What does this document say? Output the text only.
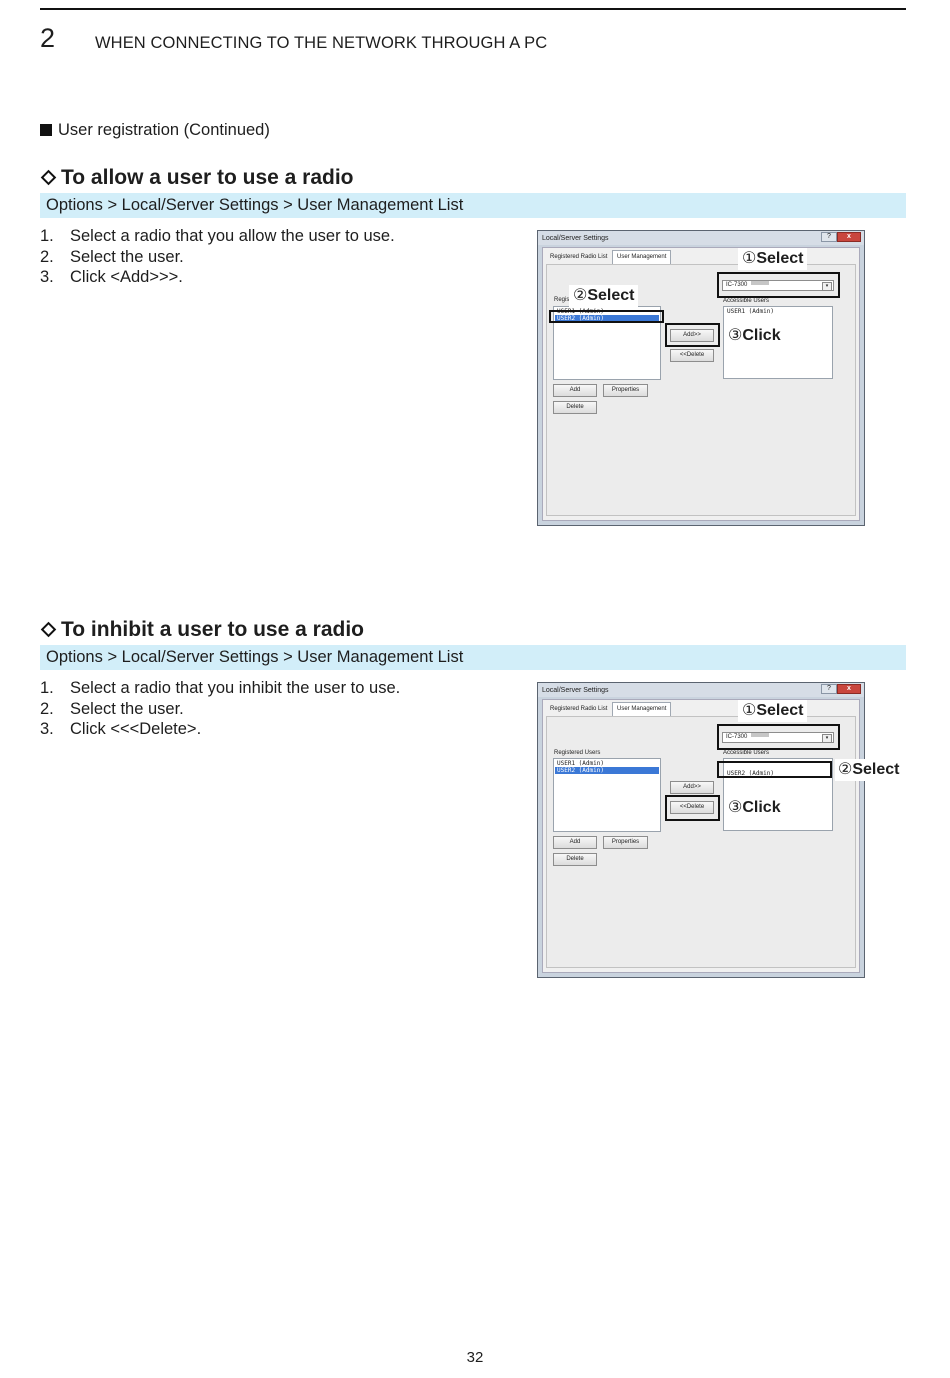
2 WHEN CONNECTING TO THE NETWORK THROUGH A PC
User registration (Continued)
To allow a user to use a radio
Options > Local/Server Settings > User Management List
1. Select a radio that you allow the user to use.
2. Select the user.
3. Click <Add>>>.
Local/Server Settings	?	x
Registered Radio List	User Management
Regis
USER1 (Admin)
USER2 (Admin)
Add	Properties
Delete
Add>>
<<Delete
IC-7300	▾
Accessible Users
USER1 (Admin)
①Select
②Select
③Click
To inhibit a user to use a radio
Options > Local/Server Settings > User Management List
1. Select a radio that you inhibit the user to use.
2. Select the user.
3. Click <<<Delete>.
Local/Server Settings	?	x
Registered Radio List	User Management
Registered Users
USER1 (Admin)
USER2 (Admin)
Add	Properties
Delete
Add>>
<<Delete
IC-7300	▾
Accessible Users
USER2 (Admin)
①Select
③Click
②Select
32
